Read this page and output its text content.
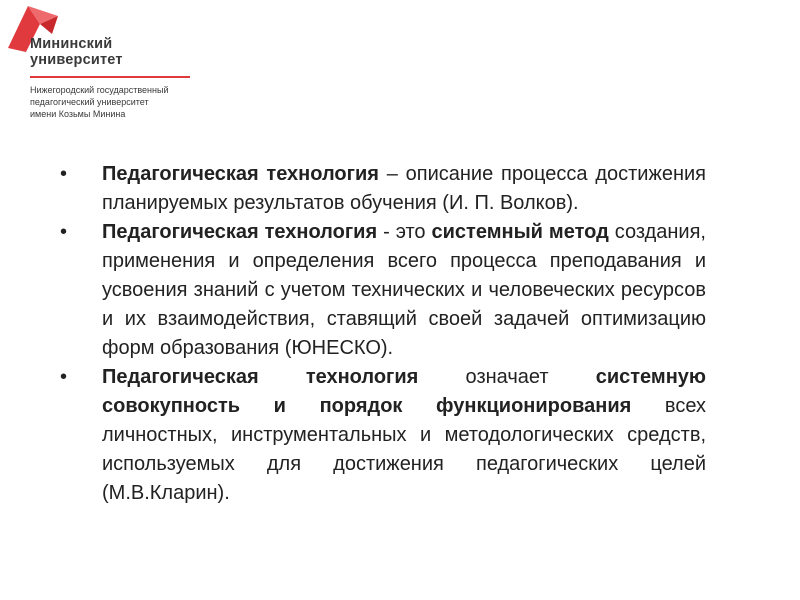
Мининский
университет
Нижегородский государственный
педагогический университет
имени Козьмы Минина
• Педагогическая технология – описание процесса достижения планируемых результатов обучения (И. П. Волков).
• Педагогическая технология - это системный метод создания, применения и определения всего процесса преподавания и усвоения знаний с учетом технических и человеческих ресурсов и их взаимодействия, ставящий своей задачей оптимизацию форм образования (ЮНЕСКО).
• Педагогическая технология означает системную совокупность и порядок функционирования всех личностных, инструментальных и методологических средств, используемых для достижения педагогических целей (М.В.Кларин).
